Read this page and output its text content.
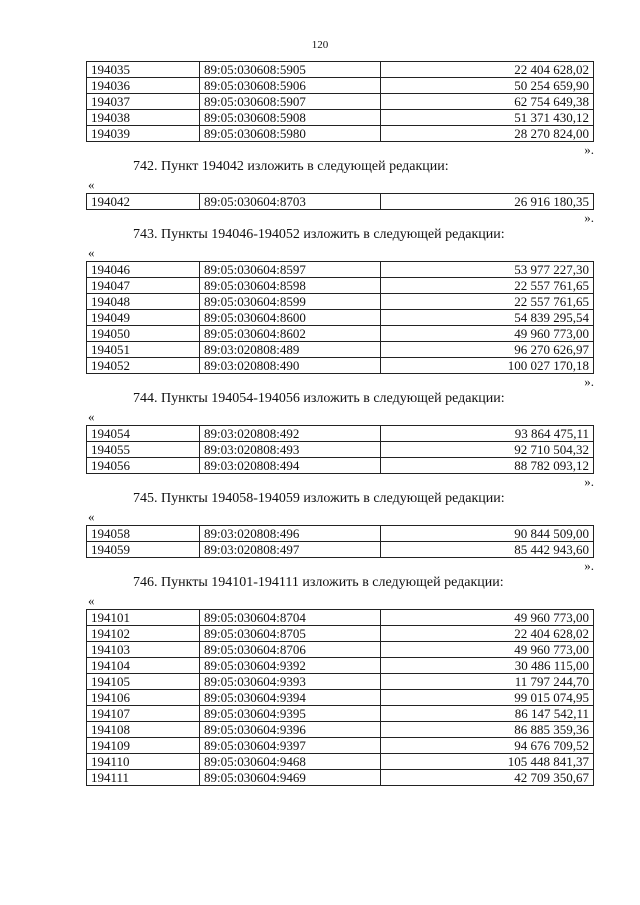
120
194035	89:05:030608:5905	22 404 628,02
194036	89:05:030608:5906	50 254 659,90
194037	89:05:030608:5907	62 754 649,38
194038	89:05:030608:5908	51 371 430,12
194039	89:05:030608:5980	28 270 824,00
».
742. Пункт 194042 изложить в следующей редакции:
«
194042	89:05:030604:8703	26 916 180,35
».
743. Пункты 194046-194052 изложить в следующей редакции:
«
194046	89:05:030604:8597	53 977 227,30
194047	89:05:030604:8598	22 557 761,65
194048	89:05:030604:8599	22 557 761,65
194049	89:05:030604:8600	54 839 295,54
194050	89:05:030604:8602	49 960 773,00
194051	89:03:020808:489	96 270 626,97
194052	89:03:020808:490	100 027 170,18
».
744. Пункты 194054-194056 изложить в следующей редакции:
«
194054	89:03:020808:492	93 864 475,11
194055	89:03:020808:493	92 710 504,32
194056	89:03:020808:494	88 782 093,12
».
745. Пункты 194058-194059 изложить в следующей редакции:
«
194058	89:03:020808:496	90 844 509,00
194059	89:03:020808:497	85 442 943,60
».
746. Пункты 194101-194111 изложить в следующей редакции:
«
194101	89:05:030604:8704	49 960 773,00
194102	89:05:030604:8705	22 404 628,02
194103	89:05:030604:8706	49 960 773,00
194104	89:05:030604:9392	30 486 115,00
194105	89:05:030604:9393	11 797 244,70
194106	89:05:030604:9394	99 015 074,95
194107	89:05:030604:9395	86 147 542,11
194108	89:05:030604:9396	86 885 359,36
194109	89:05:030604:9397	94 676 709,52
194110	89:05:030604:9468	105 448 841,37
194111	89:05:030604:9469	42 709 350,67
